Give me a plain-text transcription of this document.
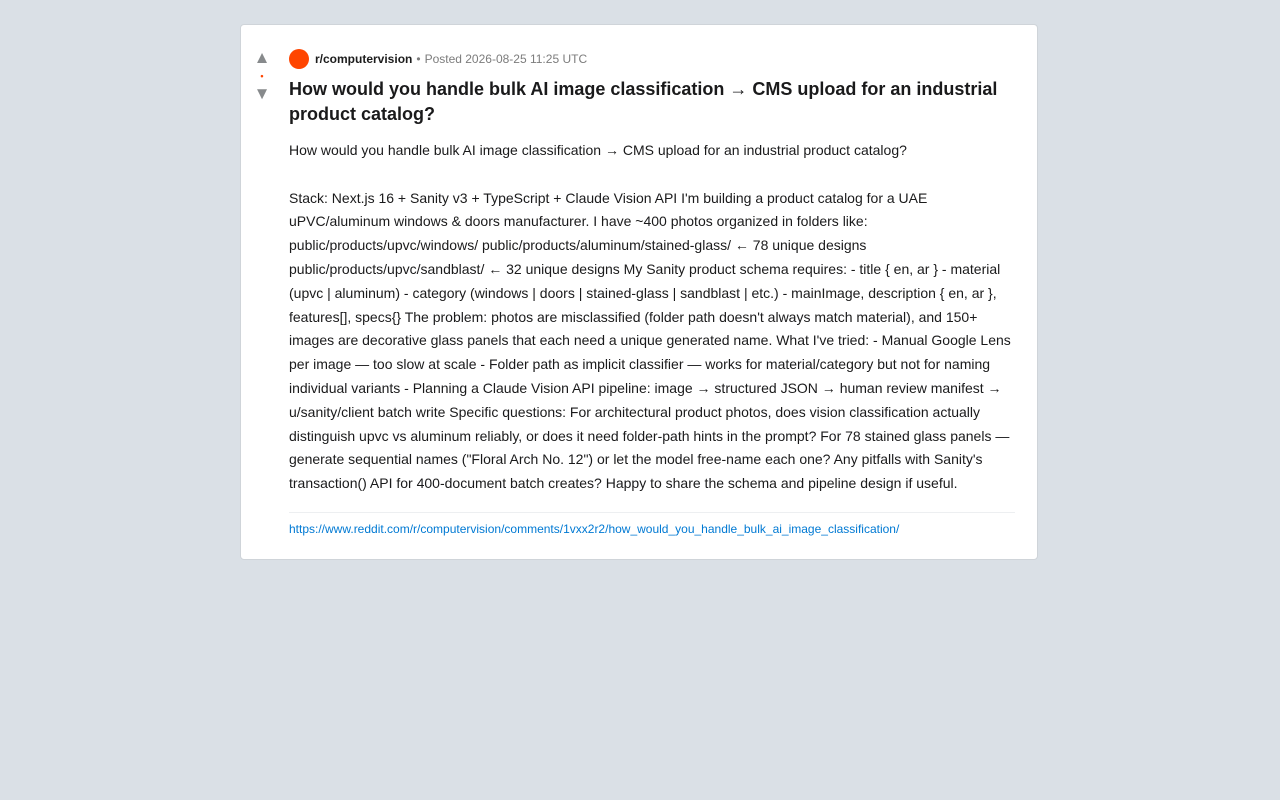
▲
•
▼
r/computervision • Posted 2026-08-25 11:25 UTC
How would you handle bulk AI image classification → CMS upload for an industrial product catalog?

How would you handle bulk AI image classification → CMS upload for an industrial product catalog?

Stack: Next.js 16 + Sanity v3 + TypeScript + Claude Vision API I'm building a product catalog for a UAE uPVC/aluminum windows & doors manufacturer. I have ~400 photos organized in folders like: public/products/upvc/windows/ public/products/aluminum/stained-glass/ ← 78 unique designs public/products/upvc/sandblast/ ← 32 unique designs My Sanity product schema requires: - title { en, ar } - material (upvc | aluminum) - category (windows | doors | stained-glass | sandblast | etc.) - mainImage, description { en, ar }, features[], specs{} The problem: photos are misclassified (folder path doesn't always match material), and 150+ images are decorative glass panels that each need a unique generated name. What I've tried: - Manual Google Lens per image — too slow at scale - Folder path as implicit classifier — works for material/category but not for naming individual variants - Planning a Claude Vision API pipeline: image → structured JSON → human review manifest → u/sanity/client batch write Specific questions: For architectural product photos, does vision classification actually distinguish upvc vs aluminum reliably, or does it need folder-path hints in the prompt? For 78 stained glass panels — generate sequential names ("Floral Arch No. 12") or let the model free-name each one? Any pitfalls with Sanity's transaction() API for 400-document batch creates? Happy to share the schema and pipeline design if useful.

https://www.reddit.com/r/computervision/comments/1vxx2r2/how_would_you_handle_bulk_ai_image_classification/
